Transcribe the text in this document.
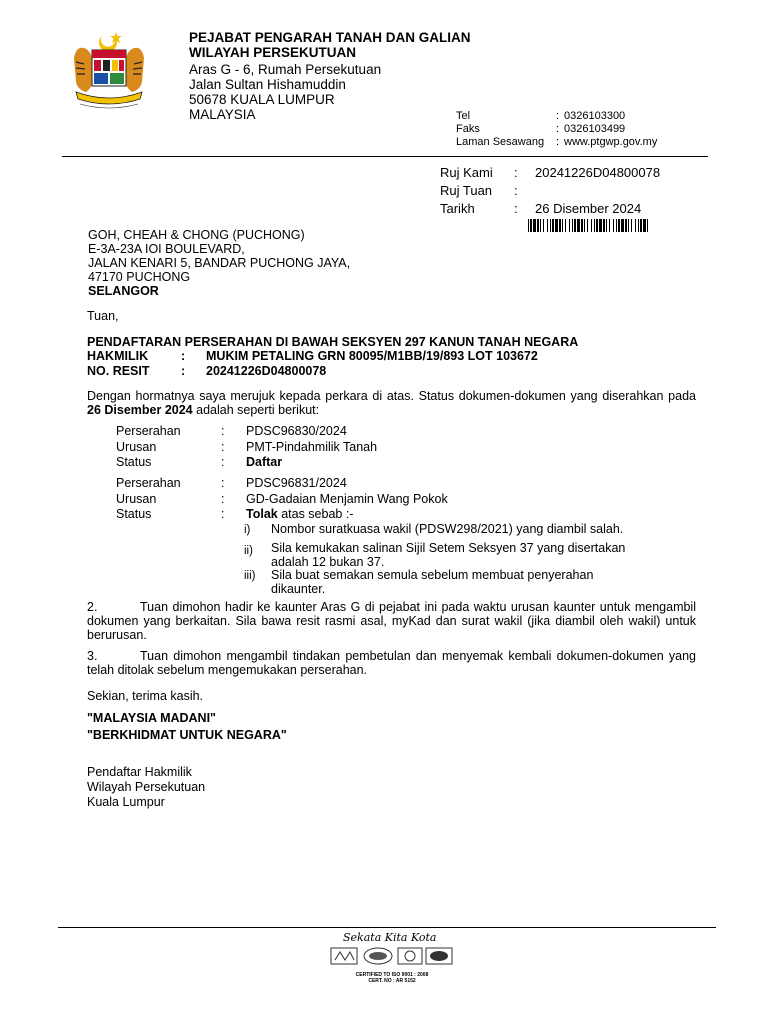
PEJABAT PENGARAH TANAH DAN GALIAN
WILAYAH PERSEKUTUAN
Aras G - 6, Rumah Persekutuan
Jalan Sultan Hishamuddin
50678 KUALA LUMPUR
MALAYSIA	Tel	: 0326103300
Faks	: 0326103499
Laman Sesawang : www.ptgwp.gov.my
Ruj Kami : 20241226D04800078
Ruj Tuan :
Tarikh	: 26 Disember 2024
GOH, CHEAH & CHONG (PUCHONG)
E-3A-23A IOI BOULEVARD,
JALAN KENARI 5, BANDAR PUCHONG JAYA,
47170 PUCHONG
SELANGOR
Tuan,
PENDAFTARAN PERSERAHAN DI BAWAH SEKSYEN 297 KANUN TANAH NEGARA
HAKMILIK	: MUKIM PETALING GRN 80095/M1BB/19/893 LOT 103672
NO. RESIT	: 20241226D04800078
Dengan hormatnya saya merujuk kepada perkara di atas. Status dokumen-dokumen yang diserahkan pada 26 Disember 2024 adalah seperti berikut:
Perserahan	: PDSC96830/2024
Urusan	: PMT-Pindahmilik Tanah
Status	: Daftar
Perserahan	: PDSC96831/2024
Urusan	: GD-Gadaian Menjamin Wang Pokok
Status	: Tolak atas sebab :-
i) Nombor suratkuasa wakil (PDSW298/2021) yang diambil salah.
ii) Sila kemukakan salinan Sijil Setem Seksyen 37 yang disertakan adalah 12 bukan 37.
iii) Sila buat semakan semula sebelum membuat penyerahan dikaunter.
2.	Tuan dimohon hadir ke kaunter Aras G di pejabat ini pada waktu urusan kaunter untuk mengambil dokumen yang berkaitan. Sila bawa resit rasmi asal, myKad dan surat wakil (jika diambil oleh wakil) untuk berurusan.
3.	Tuan dimohon mengambil tindakan pembetulan dan menyemak kembali dokumen-dokumen yang telah ditolak sebelum mengemukakan perserahan.
Sekian, terima kasih.
"MALAYSIA MADANI"
"BERKHIDMAT UNTUK NEGARA"
Pendaftar Hakmilik
Wilayah Persekutuan
Kuala Lumpur
Sekata Kita Kota
CERTIFIED TO ISO 9001 : 2008
CERT. NO : AR 5152
